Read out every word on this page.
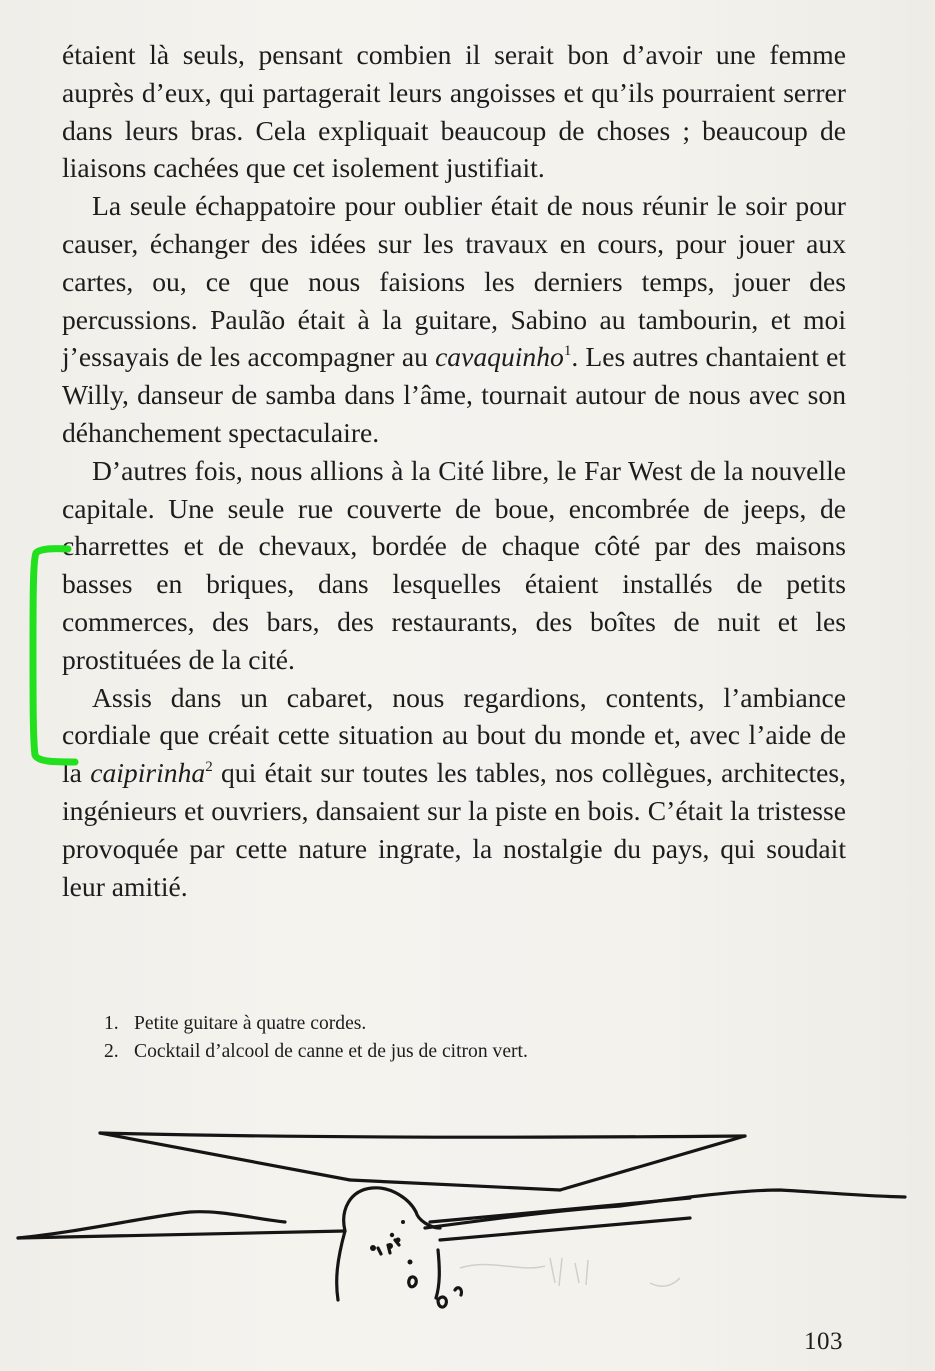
étaient là seuls, pensant combien il serait bon d’avoir une femme auprès d’eux, qui partagerait leurs angoisses et qu’ils pourraient serrer dans leurs bras. Cela expliquait beaucoup de choses ; beaucoup de liaisons cachées que cet isolement justifiait.

La seule échappatoire pour oublier était de nous réunir le soir pour causer, échanger des idées sur les travaux en cours, pour jouer aux cartes, ou, ce que nous faisions les derniers temps, jouer des percussions. Paulão était à la guitare, Sabino au tambourin, et moi j’essayais de les accompagner au cavaquinho$^1$. Les autres chantaient et Willy, danseur de samba dans l’âme, tournait autour de nous avec son déhanchement spectaculaire.

D’autres fois, nous allions à la Cité libre, le Far West de la nouvelle capitale. Une seule rue couverte de boue, encombrée de jeeps, de charrettes et de chevaux, bordée de chaque côté par des maisons basses en briques, dans lesquelles étaient installés de petits commerces, des bars, des restaurants, des boîtes de nuit et les prostituées de la cité.

Assis dans un cabaret, nous regardions, contents, l’ambiance cordiale que créait cette situation au bout du monde et, avec l’aide de la caipirinha$^2$ qui était sur toutes les tables, nos collègues, architectes, ingénieurs et ouvriers, dansaient sur la piste en bois. C’était la tristesse provoquée par cette nature ingrate, la nostalgie du pays, qui soudait leur amitié.

1. Petite guitare à quatre cordes.

2. Cocktail d’alcool de canne et de jus de citron vert.

103
